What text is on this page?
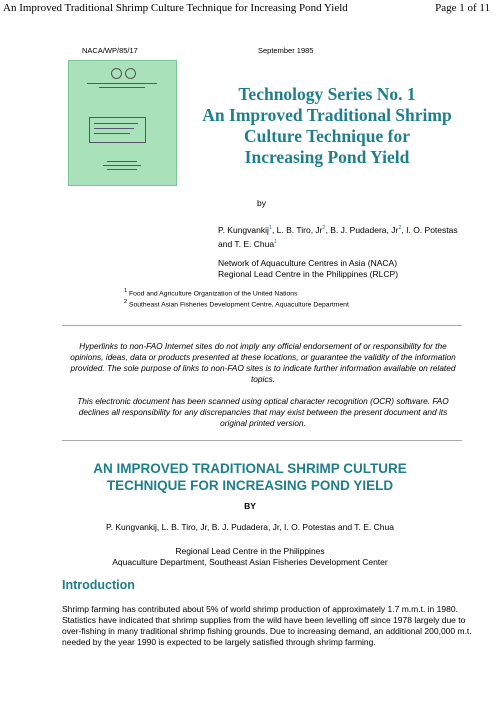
An Improved Traditional Shrimp Culture Technique for Increasing Pond Yield	Page 1 of 11
NACA/WP/85/17	September 1985
Technology Series No. 1
An Improved Traditional Shrimp
Culture Technique for
Increasing Pond Yield
by
P. Kungvankij$^1$, L. B. Tiro, Jr$^2$, B. J. Pudadera, Jr$^2$, I. O. Potestas and T. E. Chua$^1$
Network of Aquaculture Centres in Asia (NACA)
Regional Lead Centre in the Philippines (RLCP)
$^1$ Food and Agriculture Organization of the United Nations
$^2$ Southeast Asian Fisheries Development Centre, Aquaculture Department
Hyperlinks to non-FAO Internet sites do not imply any official endorsement of or responsibility for the opinions, ideas, data or products presented at these locations, or guarantee the validity of the information provided. The sole purpose of links to non-FAO sites is to indicate further information available on related topics.
This electronic document has been scanned using optical character recognition (OCR) software. FAO declines all responsibility for any discrepancies that may exist between the present document and its original printed version.
AN IMPROVED TRADITIONAL SHRIMP CULTURE
TECHNIQUE FOR INCREASING POND YIELD
BY
P. Kungvankij, L. B. Tiro, Jr, B. J. Pudadera, Jr, I. O. Potestas and T. E. Chua
Regional Lead Centre in the Philippines
Aquaculture Department, Southeast Asian Fisheries Development Center
Introduction
Shrimp farming has contributed about 5% of world shrimp production of approximately 1.7 m.m.t. in 1980. Statistics have indicated that shrimp supplies from the wild have been levelling off since 1978 largely due to over-fishing in many traditional shrimp fishing grounds. Due to increasing demand, an additional 200,000 m.t. needed by the year 1990 is expected to be largely satisfied through shrimp farming.
